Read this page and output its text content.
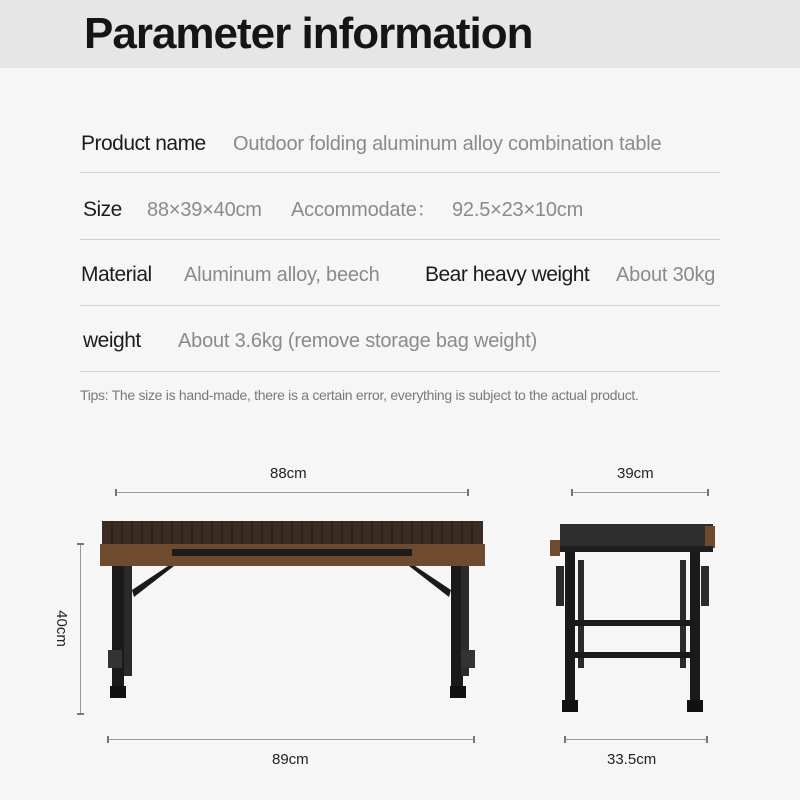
Parameter information
Product name Outdoor folding aluminum alloy combination table
Size 88×39×40cm Accommodate： 92.5×23×10cm
Material Aluminum alloy, beech Bear heavy weight About 30kg
weight About 3.6kg (remove storage bag weight)
Tips: The size is hand-made, there is a certain error, everything is subject to the actual product.
88cm
89cm
40cm
39cm
33.5cm
